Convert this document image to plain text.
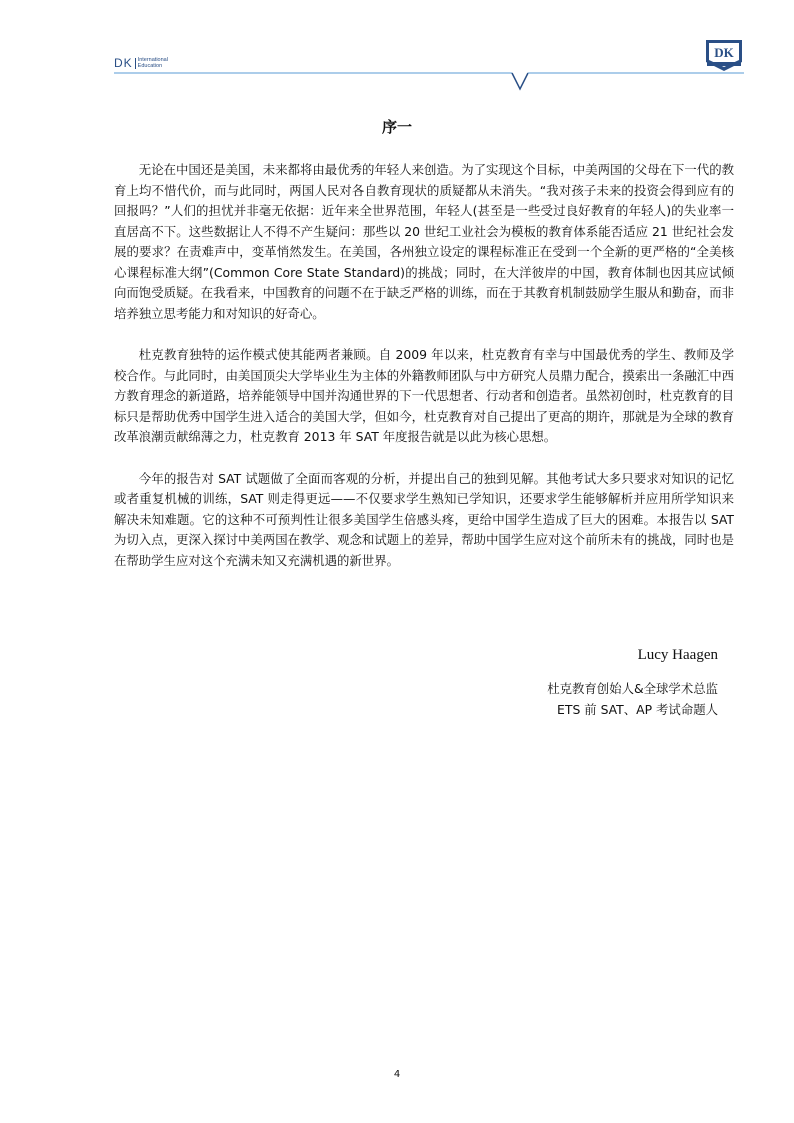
DK International
Education
DK
序一

无论在中国还是美国，未来都将由最优秀的年轻人来创造。为了实现这个目标，中美两国的父母在下一代的教育上均不惜代价，而与此同时，两国人民对各自教育现状的质疑都从未消失。“我对孩子未来的投资会得到应有的回报吗？”人们的担忧并非毫无依据：近年来全世界范围，年轻人(甚至是一些受过良好教育的年轻人)的失业率一直居高不下。这些数据让人不得不产生疑问：那些以 20 世纪工业社会为模板的教育体系能否适应 21 世纪社会发展的要求？在责难声中，变革悄然发生。在美国，各州独立设定的课程标准正在受到一个全新的更严格的“全美核心课程标准大纲”(Common Core State Standard)的挑战；同时，在大洋彼岸的中国，教育体制也因其应试倾向而饱受质疑。在我看来，中国教育的问题不在于缺乏严格的训练，而在于其教育机制鼓励学生服从和勤奋，而非培养独立思考能力和对知识的好奇心。

杜克教育独特的运作模式使其能两者兼顾。自 2009 年以来，杜克教育有幸与中国最优秀的学生、教师及学校合作。与此同时，由美国顶尖大学毕业生为主体的外籍教师团队与中方研究人员鼎力配合，摸索出一条融汇中西方教育理念的新道路，培养能领导中国并沟通世界的下一代思想者、行动者和创造者。虽然初创时，杜克教育的目标只是帮助优秀中国学生进入适合的美国大学，但如今，杜克教育对自己提出了更高的期许，那就是为全球的教育改革浪潮贡献绵薄之力，杜克教育 2013 年 SAT 年度报告就是以此为核心思想。

今年的报告对 SAT 试题做了全面而客观的分析，并提出自己的独到见解。其他考试大多只要求对知识的记忆或者重复机械的训练，SAT 则走得更远——不仅要求学生熟知已学知识，还要求学生能够解析并应用所学知识来解决未知难题。它的这种不可预判性让很多美国学生倍感头疼，更给中国学生造成了巨大的困难。本报告以 SAT 为切入点，更深入探讨中美两国在教学、观念和试题上的差异，帮助中国学生应对这个前所未有的挑战，同时也是在帮助学生应对这个充满未知又充满机遇的新世界。

Lucy Haagen
杜克教育创始人&全球学术总监
ETS 前 SAT、AP 考试命题人
4
